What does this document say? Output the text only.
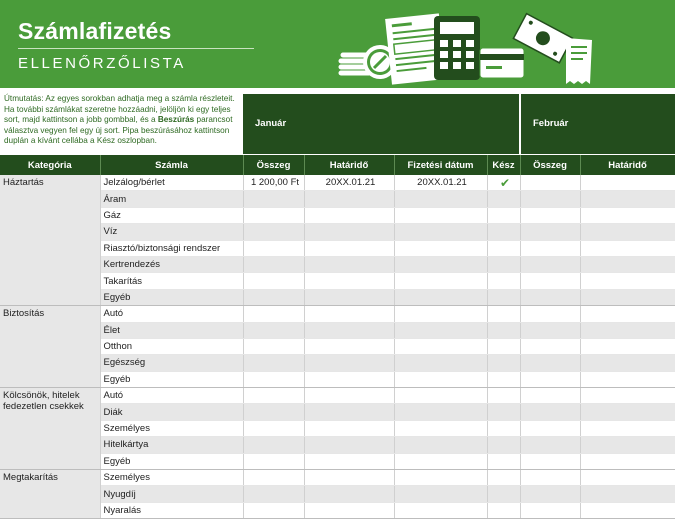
Számlafizetés
ELLENŐRZŐLISTA
Útmutatás: Az egyes sorokban adhatja meg a számla részleteit. Ha további számlákat szeretne hozzáadni, jelöljön ki egy teljes sort, majd kattintson a jobb gombbal, és a Beszúrás parancsot választva vegyen fel egy új sort. Pipa beszúrásához kattintson duplán a kívánt cellába a Kész oszlopban.
Január	Február
Kategória	Számla	Összeg	Határidő	Fizetési dátum	Kész	Összeg	Határidő
Háztartás	Jelzálog/bérlet	1 200,00 Ft	20XX.01.21	20XX.01.21	✔		
	Áram						
	Gáz						
	Víz						
	Riasztó/biztonsági rendszer						
	Kertrendezés						
	Takarítás						
	Egyéb						
Biztosítás	Autó						
	Élet						
	Otthon						
	Egészség						
	Egyéb						
Kölcsönök, hitelek fedezetlen csekkek	Autó						
	Diák						
	Személyes						
	Hitelkártya						
	Egyéb						
Megtakarítás	Személyes						
	Nyugdíj						
	Nyaralás						
